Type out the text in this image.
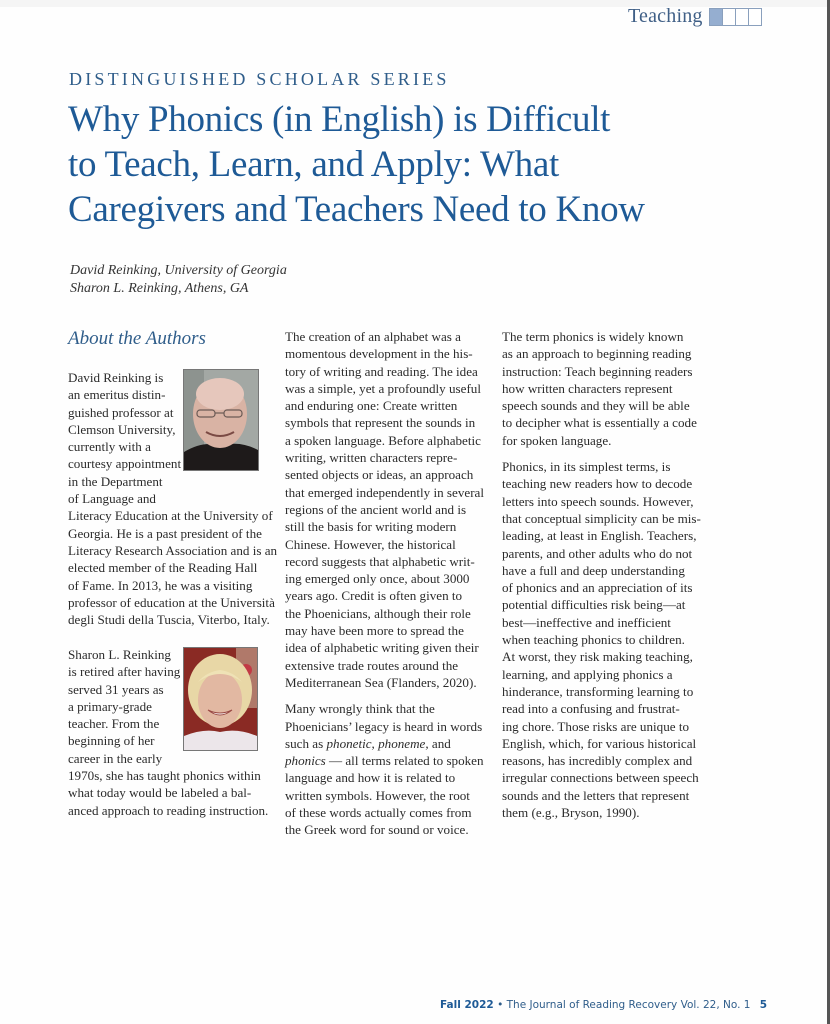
Teaching
DISTINGUISHED SCHOLAR SERIES
Why Phonics (in English) is Difficult
to Teach, Learn, and Apply: What
Caregivers and Teachers Need to Know
David Reinking, University of Georgia
Sharon L. Reinking, Athens, GA
About the Authors
David Reinking is
an emeritus distin-
guished professor at
Clemson University,
currently with a
courtesy appointment
in the Department
of Language and
Literacy Education at the University of
Georgia. He is a past president of the
Literacy Research Association and is an
elected member of the Reading Hall
of Fame. In 2013, he was a visiting
professor of education at the Università
degli Studi della Tuscia, Viterbo, Italy.
Sharon L. Reinking
is retired after having
served 31 years as
a primary-grade
teacher. From the
beginning of her
career in the early
1970s, she has taught phonics within
what today would be labeled a bal-
anced approach to reading instruction.
The creation of an alphabet was a
momentous development in the his-
tory of writing and reading. The idea
was a simple, yet a profoundly useful
and enduring one: Create written
symbols that represent the sounds in
a spoken language. Before alphabetic
writing, written characters repre-
sented objects or ideas, an approach
that emerged independently in several
regions of the ancient world and is
still the basis for writing modern
Chinese. However, the historical
record suggests that alphabetic writ-
ing emerged only once, about 3000
years ago. Credit is often given to
the Phoenicians, although their role
may have been more to spread the
idea of alphabetic writing given their
extensive trade routes around the
Mediterranean Sea (Flanders, 2020).
Many wrongly think that the
Phoenicians’ legacy is heard in words
such as phonetic, phoneme, and
phonics — all terms related to spoken
language and how it is related to
written symbols. However, the root
of these words actually comes from
the Greek word for sound or voice.
The term phonics is widely known
as an approach to beginning reading
instruction: Teach beginning readers
how written characters represent
speech sounds and they will be able
to decipher what is essentially a code
for spoken language.
Phonics, in its simplest terms, is
teaching new readers how to decode
letters into speech sounds. However,
that conceptual simplicity can be mis-
leading, at least in English. Teachers,
parents, and other adults who do not
have a full and deep understanding
of phonics and an appreciation of its
potential difficulties risk being—at
best—ineffective and inefficient
when teaching phonics to children.
At worst, they risk making teaching,
learning, and applying phonics a
hinderance, transforming learning to
read into a confusing and frustrat-
ing chore. Those risks are unique to
English, which, for various historical
reasons, has incredibly complex and
irregular connections between speech
sounds and the letters that represent
them (e.g., Bryson, 1990).
Fall 2022 • The Journal of Reading Recovery Vol. 22, No. 1 5
